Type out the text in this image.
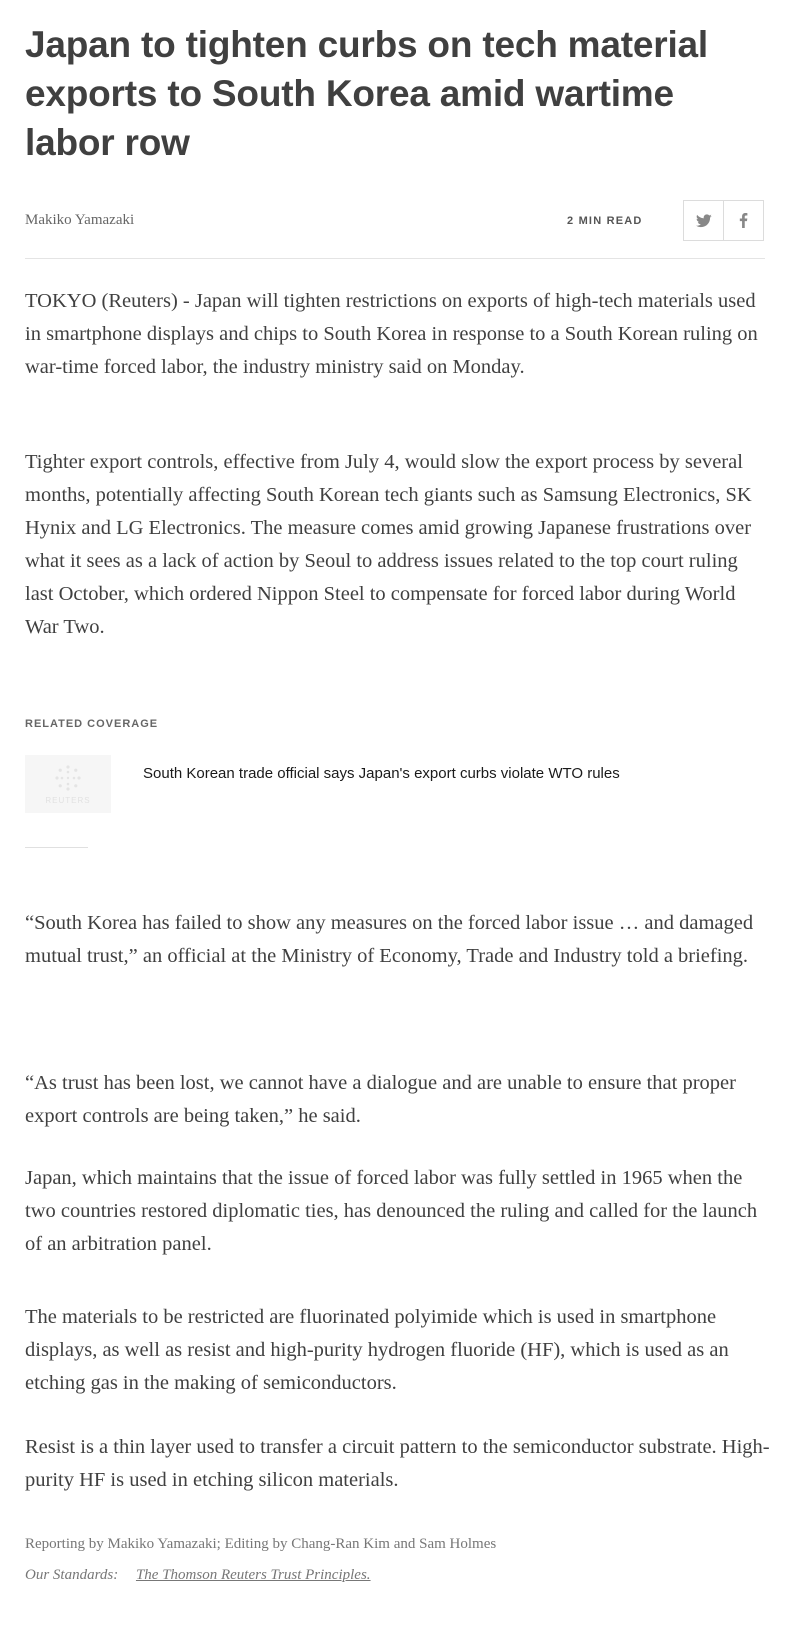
Japan to tighten curbs on tech material exports to South Korea amid wartime labor row
Makiko Yamazaki	2 MIN READ

TOKYO (Reuters) - Japan will tighten restrictions on exports of high-tech materials used in smartphone displays and chips to South Korea in response to a South Korean ruling on war-time forced labor, the industry ministry said on Monday.

Tighter export controls, effective from July 4, would slow the export process by several months, potentially affecting South Korean tech giants such as Samsung Electronics, SK Hynix and LG Electronics. The measure comes amid growing Japanese frustrations over what it sees as a lack of action by Seoul to address issues related to the top court ruling last October, which ordered Nippon Steel to compensate for forced labor during World War Two.

RELATED COVERAGE
REUTERS
South Korean trade official says Japan's export curbs violate WTO rules

“South Korea has failed to show any measures on the forced labor issue … and damaged mutual trust,” an official at the Ministry of Economy, Trade and Industry told a briefing.

“As trust has been lost, we cannot have a dialogue and are unable to ensure that proper export controls are being taken,” he said.

Japan, which maintains that the issue of forced labor was fully settled in 1965 when the two countries restored diplomatic ties, has denounced the ruling and called for the launch of an arbitration panel.

The materials to be restricted are fluorinated polyimide which is used in smartphone displays, as well as resist and high-purity hydrogen fluoride (HF), which is used as an etching gas in the making of semiconductors.

Resist is a thin layer used to transfer a circuit pattern to the semiconductor substrate. High-purity HF is used in etching silicon materials.

Reporting by Makiko Yamazaki; Editing by Chang-Ran Kim and Sam Holmes
Our Standards: The Thomson Reuters Trust Principles.
